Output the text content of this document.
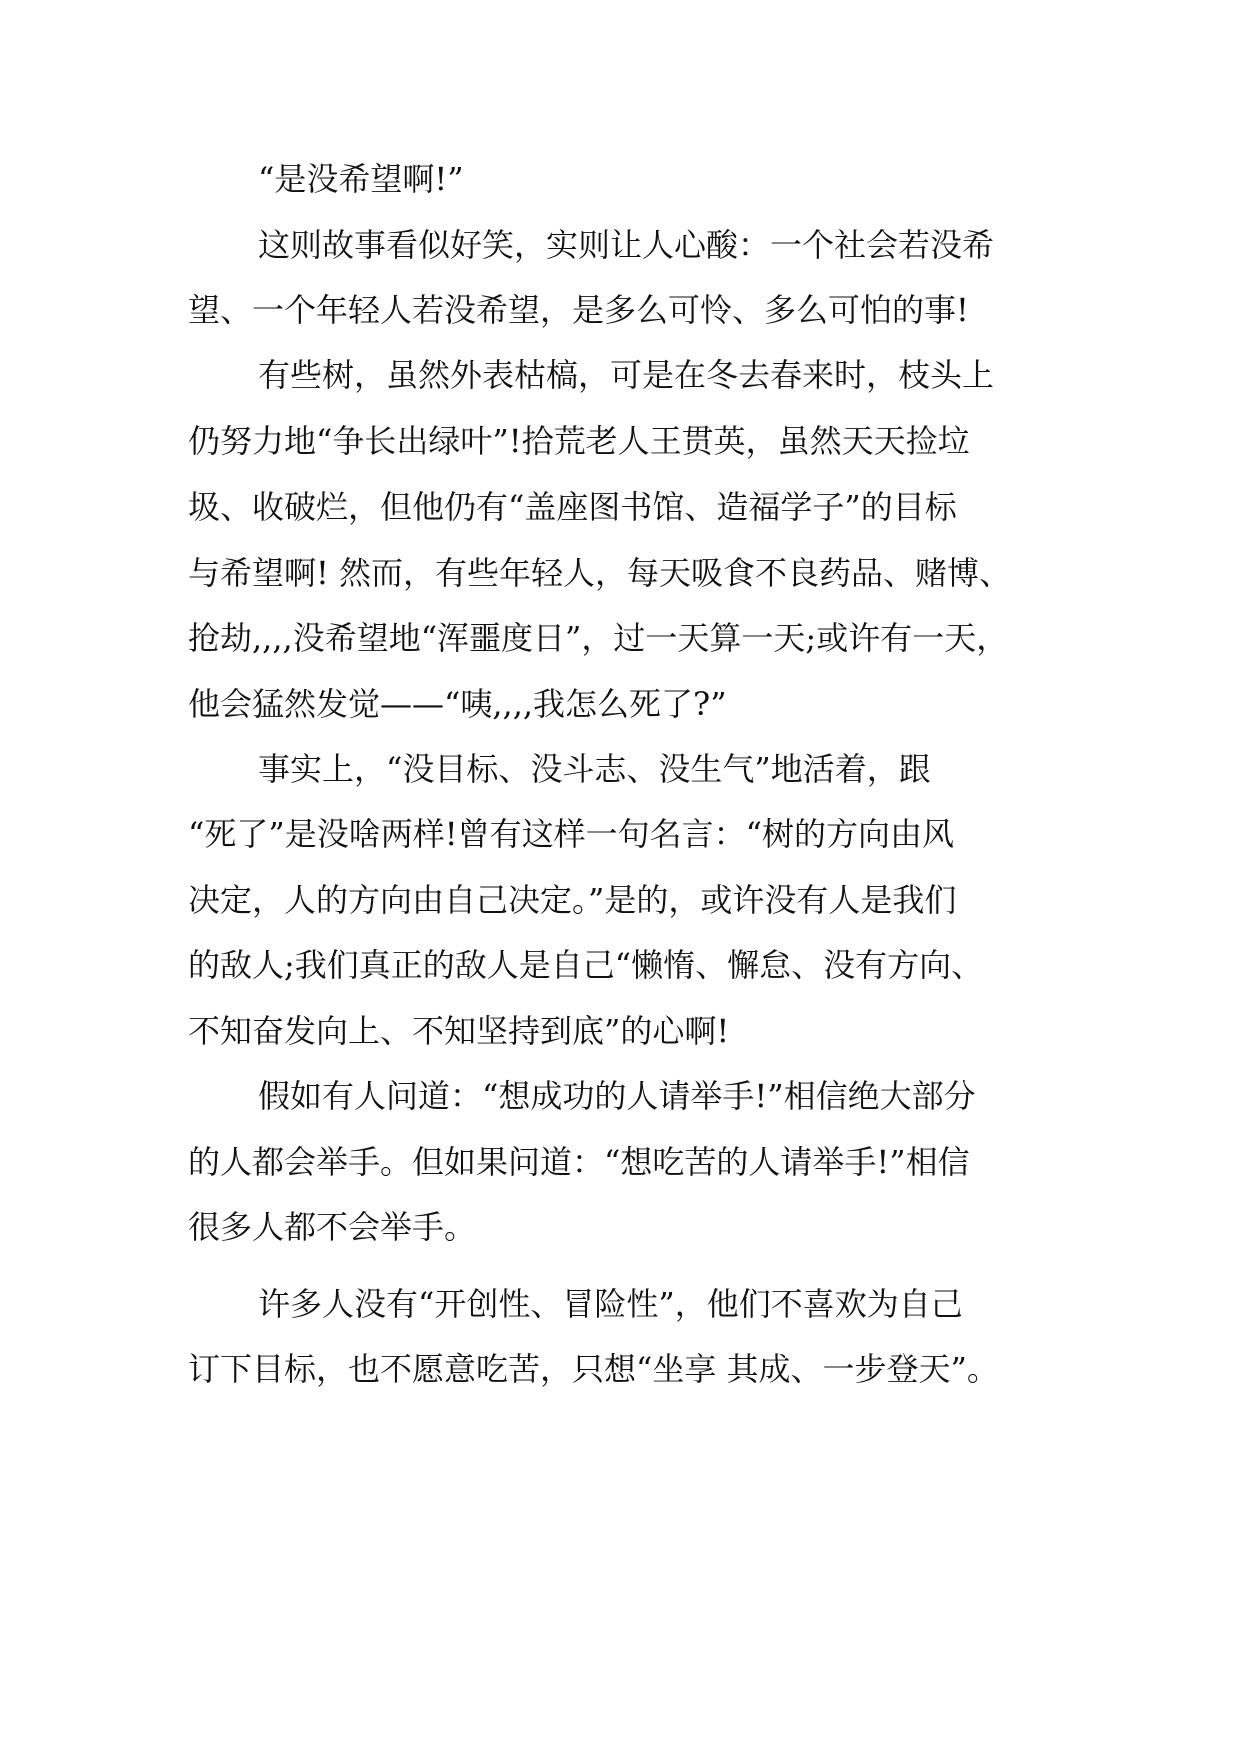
“是没希望啊!”

这则故事看似好笑，实则让人心酸：一个社会若没希

望、一个年轻人若没希望，是多么可怜、多么可怕的事!

有些树，虽然外表枯槁，可是在冬去春来时，枝头上

仍努力地“争长出绿叶”!拾荒老人王贯英，虽然天天捡垃

圾、收破烂，但他仍有“盖座图书馆、造福学子”的目标

与希望啊! 然而，有些年轻人，每天吸食不良药品、赌博、

抢劫,,,,没希望地“浑噩度日”，过一天算一天;或许有一天，

他会猛然发觉——“咦,,,,我怎么死了?”

事实上，“没目标、没斗志、没生气”地活着，跟

“死了”是没啥两样!曾有这样一句名言：“树的方向由风

决定，人的方向由自己决定。”是的，或许没有人是我们

的敌人;我们真正的敌人是自己“懒惰、懈怠、没有方向、

不知奋发向上、不知坚持到底”的心啊!

假如有人问道：“想成功的人请举手!”相信绝大部分

的人都会举手。但如果问道：“想吃苦的人请举手!”相信

很多人都不会举手。

许多人没有“开创性、冒险性”，他们不喜欢为自己

订下目标，也不愿意吃苦，只想“坐享 其成、一步登天”。
